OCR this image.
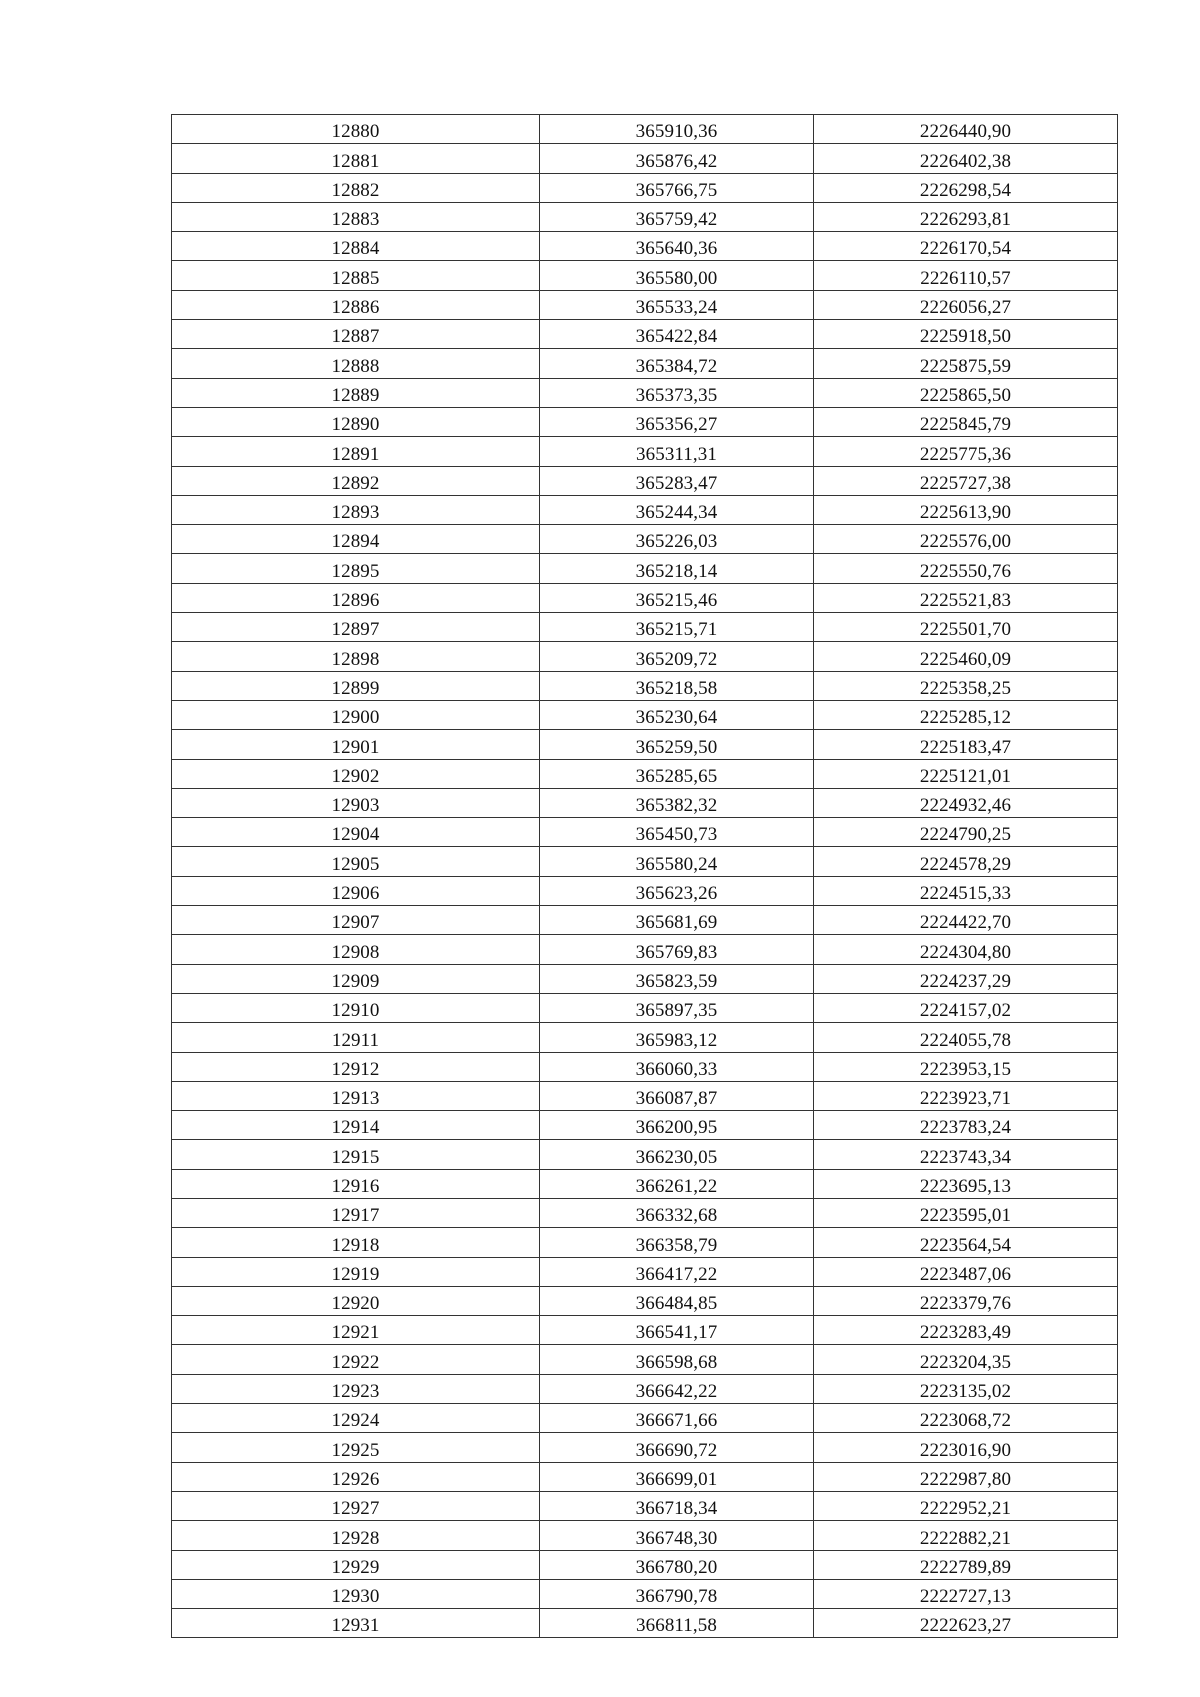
12880	365910,36	2226440,90
12881	365876,42	2226402,38
12882	365766,75	2226298,54
12883	365759,42	2226293,81
12884	365640,36	2226170,54
12885	365580,00	2226110,57
12886	365533,24	2226056,27
12887	365422,84	2225918,50
12888	365384,72	2225875,59
12889	365373,35	2225865,50
12890	365356,27	2225845,79
12891	365311,31	2225775,36
12892	365283,47	2225727,38
12893	365244,34	2225613,90
12894	365226,03	2225576,00
12895	365218,14	2225550,76
12896	365215,46	2225521,83
12897	365215,71	2225501,70
12898	365209,72	2225460,09
12899	365218,58	2225358,25
12900	365230,64	2225285,12
12901	365259,50	2225183,47
12902	365285,65	2225121,01
12903	365382,32	2224932,46
12904	365450,73	2224790,25
12905	365580,24	2224578,29
12906	365623,26	2224515,33
12907	365681,69	2224422,70
12908	365769,83	2224304,80
12909	365823,59	2224237,29
12910	365897,35	2224157,02
12911	365983,12	2224055,78
12912	366060,33	2223953,15
12913	366087,87	2223923,71
12914	366200,95	2223783,24
12915	366230,05	2223743,34
12916	366261,22	2223695,13
12917	366332,68	2223595,01
12918	366358,79	2223564,54
12919	366417,22	2223487,06
12920	366484,85	2223379,76
12921	366541,17	2223283,49
12922	366598,68	2223204,35
12923	366642,22	2223135,02
12924	366671,66	2223068,72
12925	366690,72	2223016,90
12926	366699,01	2222987,80
12927	366718,34	2222952,21
12928	366748,30	2222882,21
12929	366780,20	2222789,89
12930	366790,78	2222727,13
12931	366811,58	2222623,27
